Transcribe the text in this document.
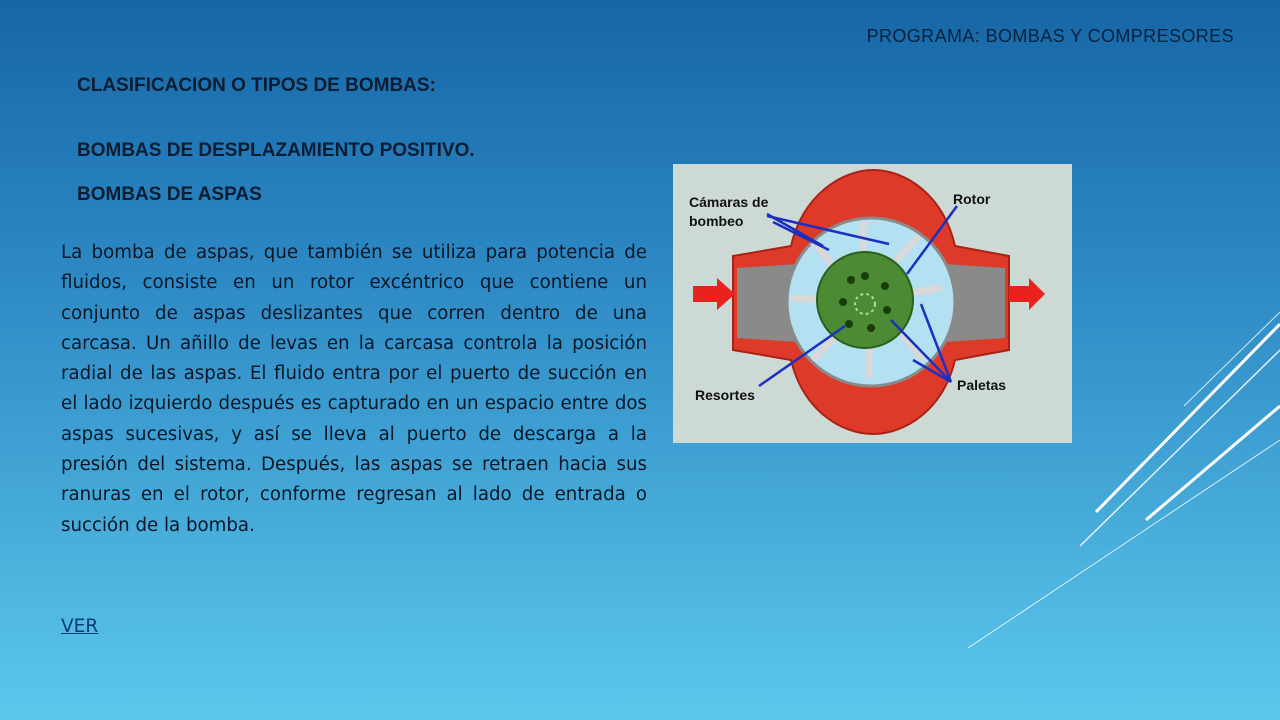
PROGRAMA: BOMBAS Y COMPRESORES
CLASIFICACION O TIPOS DE BOMBAS:
BOMBAS DE DESPLAZAMIENTO POSITIVO.
BOMBAS DE ASPAS

La bomba de aspas, que también se utiliza para potencia de fluidos, consiste en un rotor excéntrico que contiene un conjunto de aspas deslizantes que corren dentro de una carcasa. Un añillo de levas en la carcasa controla la posición radial de las aspas. El fluido entra por el puerto de succión en el lado izquierdo después es capturado en un espacio entre dos aspas sucesivas, y así se lleva al puerto de descarga a la presión del sistema. Después, las aspas se retraen hacia sus ranuras en el rotor, conforme regresan al lado de entrada o succión de la bomba.

VER
Cámaras de
bombeo
Rotor
Resortes
Paletas
